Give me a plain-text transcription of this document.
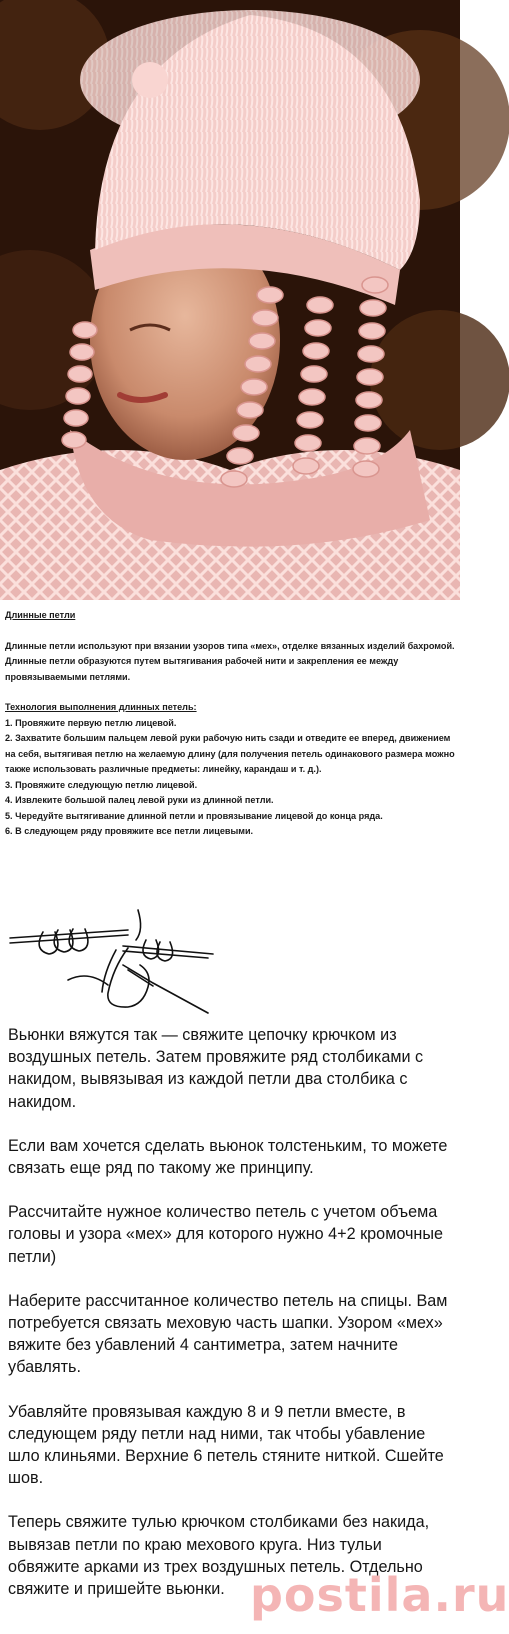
Длинные петли

Длинные петли используют при вязании узоров типа «мех», отделке вязанных изделий бахромой.

Длинные петли образуются путем вытягивания рабочей нити и закрепления ее между провязываемыми петлями.

Технология выполнения длинных петель:

1. Провяжите первую петлю лицевой.

2. Захватите большим пальцем левой руки рабочую нить сзади и отведите ее вперед, движением на себя, вытягивая петлю на желаемую длину (для получения петель одинакового размера можно также использовать различные предметы: линейку, карандаш и т. д.).

3. Провяжите следующую петлю лицевой.

4. Извлеките большой палец левой руки из длинной петли.

5. Чередуйте вытягивание длинной петли и провязывание лицевой до конца ряда.

6. В следующем ряду провяжите все петли лицевыми.

Вьюнки вяжутся так — свяжите цепочку крючком из воздушных петель. Затем провяжите ряд столбиками с накидом, вывязывая из каждой петли два столбика с накидом.

Если вам хочется сделать вьюнок толстеньким, то можете связать еще ряд по такому же принципу.

Рассчитайте нужное количество петель с учетом объема головы и узора «мех» для которого нужно 4+2 кромочные петли)

Наберите рассчитанное количество петель на спицы. Вам потребуется связать меховую часть шапки. Узором «мех» вяжите без убавлений 4 сантиметра, затем начните убавлять.

Убавляйте провязывая каждую 8 и 9 петли вместе, в следующем ряду петли над ними, так чтобы убавление шло клиньями. Верхние 6 петель стяните ниткой. Сшейте шов.

Теперь свяжите тулью крючком столбиками без накида, вывязав петли по краю мехового круга. Низ тульи обвяжите арками из трех воздушных петель. Отдельно свяжите и пришейте вьюнки. postila.ru
